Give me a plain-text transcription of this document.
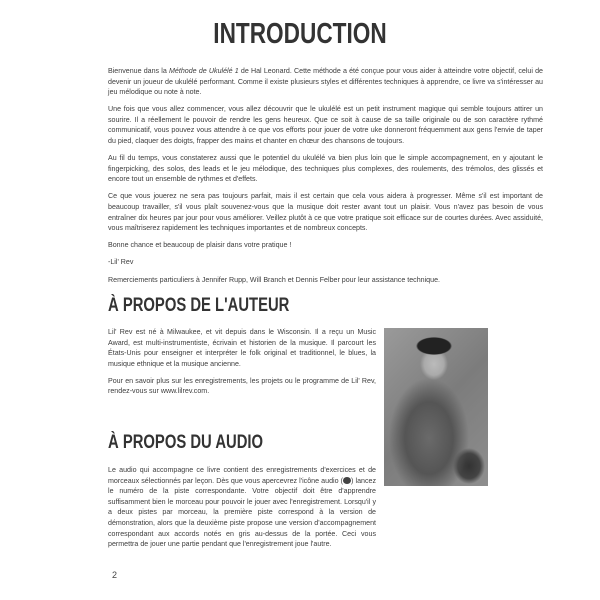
INTRODUCTION

Bienvenue dans la Méthode de Ukulélé 1 de Hal Leonard. Cette méthode a été conçue pour vous aider à atteindre votre objectif, celui de devenir un joueur de ukulélé performant. Comme il existe plusieurs styles et différentes techniques à apprendre, ce livre va s'intéresser au jeu mélodique ou note à note.

Une fois que vous allez commencer, vous allez découvrir que le ukulélé est un petit instrument magique qui semble toujours attirer un sourire. Il a réellement le pouvoir de rendre les gens heureux. Que ce soit à cause de sa taille originale ou de son caractère rythmé communicatif, vous pouvez vous attendre à ce que vos efforts pour jouer de votre uke donneront fréquemment aux gens l'envie de taper du pied, claquer des doigts, frapper des mains et chanter en chœur des chansons de toujours.

Au fil du temps, vous constaterez aussi que le potentiel du ukulélé va bien plus loin que le simple accompagnement, en y ajoutant le fingerpicking, des solos, des leads et le jeu mélodique, des techniques plus complexes, des roulements, des trémolos, des glissés et encore tout un ensemble de rythmes et d'effets.

Ce que vous jouerez ne sera pas toujours parfait, mais il est certain que cela vous aidera à progresser. Même s'il est important de beaucoup travailler, s'il vous plaît souvenez-vous que la musique doit rester avant tout un plaisir. Vous n'avez pas besoin de vous entraîner dix heures par jour pour vous améliorer. Veillez plutôt à ce que votre pratique soit efficace sur de courtes durées. Avec assiduité, vous maîtriserez rapidement les techniques importantes et de nombreux concepts.

Bonne chance et beaucoup de plaisir dans votre pratique !

-Lil' Rev

Remerciements particuliers à Jennifer Rupp, Will Branch et Dennis Felber pour leur assistance technique.

À PROPOS DE L'AUTEUR

Lil' Rev est né à Milwaukee, et vit depuis dans le Wisconsin. Il a reçu un Music Award, est multi-instrumentiste, écrivain et historien de la musique. Il parcourt les États-Unis pour enseigner et interpréter le folk original et traditionnel, le blues, la musique ethnique et la musique ancienne.

Pour en savoir plus sur les enregistrements, les projets ou le programme de Lil' Rev, rendez-vous sur www.lilrev.com.

À PROPOS DU AUDIO

Le audio qui accompagne ce livre contient des enregistrements d'exercices et de morceaux sélectionnés par leçon. Dès que vous apercevrez l'icône audio ( ) lancez le numéro de la piste correspondante. Votre objectif doit être d'apprendre suffisamment bien le morceau pour pouvoir le jouer avec l'enregistrement. Lorsqu'il y a deux pistes par morceau, la première piste correspond à la version de démonstration, alors que la deuxième piste propose une version d'accompagnement correspondant aux accords notés en gris au-dessus de la portée. Ceci vous permettra de jouer une partie pendant que l'enregistrement joue l'autre.

2
